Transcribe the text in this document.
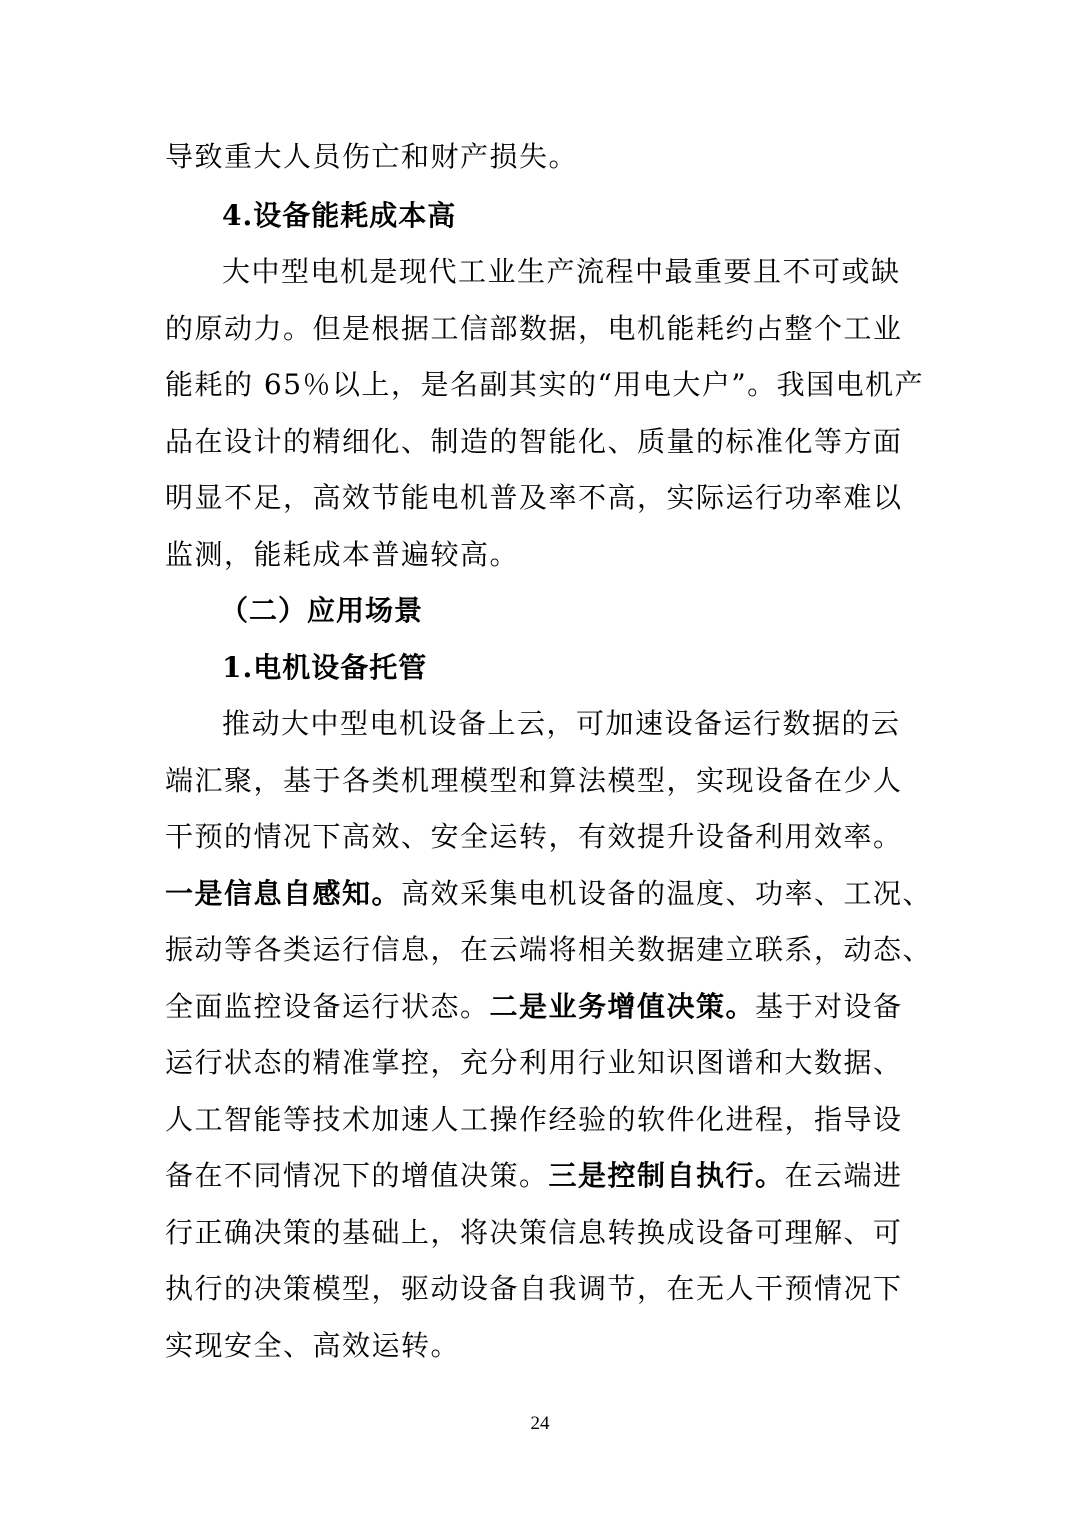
导致重大人员伤亡和财产损失。
4.设备能耗成本高
大中型电机是现代工业生产流程中最重要且不可或缺
的原动力。但是根据工信部数据，电机能耗约占整个工业
能耗的 65％以上，是名副其实的“用电大户”。我国电机产
品在设计的精细化、制造的智能化、质量的标准化等方面
明显不足，高效节能电机普及率不高，实际运行功率难以
监测，能耗成本普遍较高。
（二）应用场景
1.电机设备托管
推动大中型电机设备上云，可加速设备运行数据的云
端汇聚，基于各类机理模型和算法模型，实现设备在少人
干预的情况下高效、安全运转，有效提升设备利用效率。
一是信息自感知。高效采集电机设备的温度、功率、工况、
振动等各类运行信息，在云端将相关数据建立联系，动态、
全面监控设备运行状态。二是业务增值决策。基于对设备
运行状态的精准掌控，充分利用行业知识图谱和大数据、
人工智能等技术加速人工操作经验的软件化进程，指导设
备在不同情况下的增值决策。三是控制自执行。在云端进
行正确决策的基础上，将决策信息转换成设备可理解、可
执行的决策模型，驱动设备自我调节，在无人干预情况下
实现安全、高效运转。
24
